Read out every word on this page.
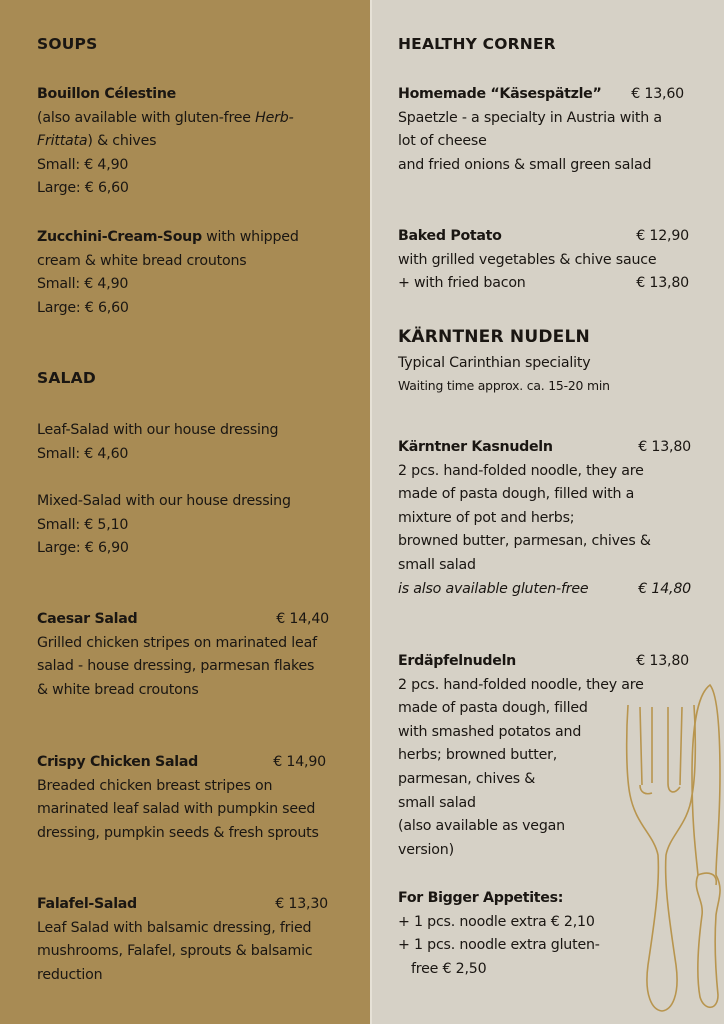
SOUPS
Bouillon Célestine
(also available with gluten-free Herb-
Frittata) & chives
Small: € 4,90
Large: € 6,60
Zucchini-Cream-Soup with whipped
cream & white bread croutons
Small: € 4,90
Large: € 6,60
SALAD
Leaf-Salad with our house dressing
Small: € 4,60
Mixed-Salad with our house dressing
Small: € 5,10
Large: € 6,90
Caesar Salad	€ 14,40
Grilled chicken stripes on marinated leaf
salad - house dressing, parmesan flakes
& white bread croutons
Crispy Chicken Salad	€ 14,90
Breaded chicken breast stripes on
marinated leaf salad with pumpkin seed
dressing, pumpkin seeds & fresh sprouts
Falafel-Salad	€ 13,30
Leaf Salad with balsamic dressing, fried
mushrooms, Falafel, sprouts & balsamic
reduction
HEALTHY CORNER
Homemade “Käsespätzle” € 13,60
Spaetzle - a specialty in Austria with a
lot of cheese
and fried onions & small green salad
Baked Potato	€ 12,90
with grilled vegetables & chive sauce
+ with fried bacon	€ 13,80
KÄRNTNER NUDELN
Typical Carinthian speciality
Waiting time approx. ca. 15-20 min
Kärntner Kasnudeln	€ 13,80
2 pcs. hand-folded noodle, they are
made of pasta dough, filled with a
mixture of pot and herbs;
browned butter, parmesan, chives &
small salad
is also available gluten-free	€ 14,80
Erdäpfelnudeln	€ 13,80
2 pcs. hand-folded noodle, they are
made of pasta dough, filled
with smashed potatos and
herbs; browned butter,
parmesan, chives &
small salad
(also available as vegan
version)
For Bigger Appetites:
+ 1 pcs. noodle extra € 2,10
+ 1 pcs. noodle extra gluten-
free € 2,50
